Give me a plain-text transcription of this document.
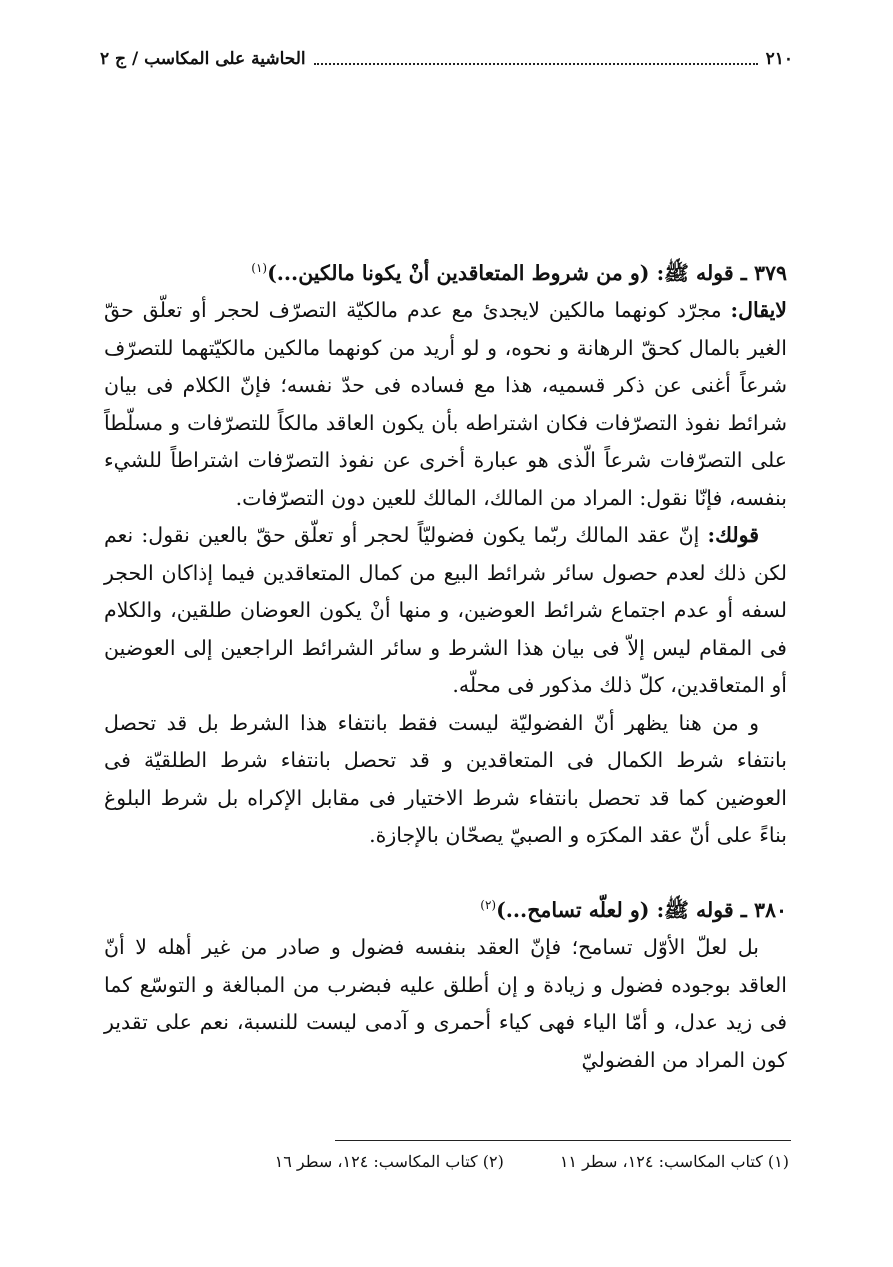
٢١٠
الحاشية على المكاسب / ج ٢

٣٧٩ ـ قوله ﷺ: (و من شروط المتعاقدين أنْ يكونا مالكين...)$^{(١)}$

لايقال: مجرّد كونهما مالكين لايجدئ مع عدم مالكيّة التصرّف لحجر أو تعلّق حقّ الغير بالمال كحقّ الرهانة و نحوه، و لو أريد من كونهما مالكين مالكيّتهما للتصرّف شرعاً أغنى عن ذكر قسميه، هذا مع فساده فى حدّ نفسه؛ فإنّ الكلام فى بيان شرائط نفوذ التصرّفات فكان اشتراطه بأن يكون العاقد مالكاً للتصرّفات و مسلّطاً على التصرّفات شرعاً الّذى هو عبارة أخرى عن نفوذ التصرّفات اشتراطاً للشيء بنفسه، فإنّا نقول: المراد من المالك، المالك للعين دون التصرّفات.

قولك: إنّ عقد المالك ربّما يكون فضوليّاً لحجر أو تعلّق حقّ بالعين نقول: نعم لكن ذلك لعدم حصول سائر شرائط البيع من كمال المتعاقدين فيما إذاكان الحجر لسفه أو عدم اجتماع شرائط العوضين، و منها أنْ يكون العوضان طلقين، والكلام فى المقام ليس إلاّ فى بيان هذا الشرط و سائر الشرائط الراجعين إلى العوضين أو المتعاقدين، كلّ ذلك مذكور فى محلّه.

و من هنا يظهر أنّ الفضوليّة ليست فقط بانتفاء هذا الشرط بل قد تحصل بانتفاء شرط الكمال فى المتعاقدين و قد تحصل بانتفاء شرط الطلقيّة فى العوضين كما قد تحصل بانتفاء شرط الاختيار فى مقابل الإكراه بل شرط البلوغ بناءً على أنّ عقد المكرَه و الصبيّ يصحّان بالإجازة.

٣٨٠ ـ قوله ﷺ: (و لعلّه تسامح...)$^{(٢)}$

بل لعلّ الأوّل تسامح؛ فإنّ العقد بنفسه فضول و صادر من غير أهله لا أنّ العاقد بوجوده فضول و زيادة و إن أطلق عليه فبضرب من المبالغة و التوسّع كما فى زيد عدل، و أمّا الياء فهى كياء أحمرى و آدمى ليست للنسبة، نعم على تقدير كون المراد من الفضوليّ

(١) كتاب المكاسب: ١٢٤، سطر ١١
(٢) كتاب المكاسب: ١٢٤، سطر ١٦
